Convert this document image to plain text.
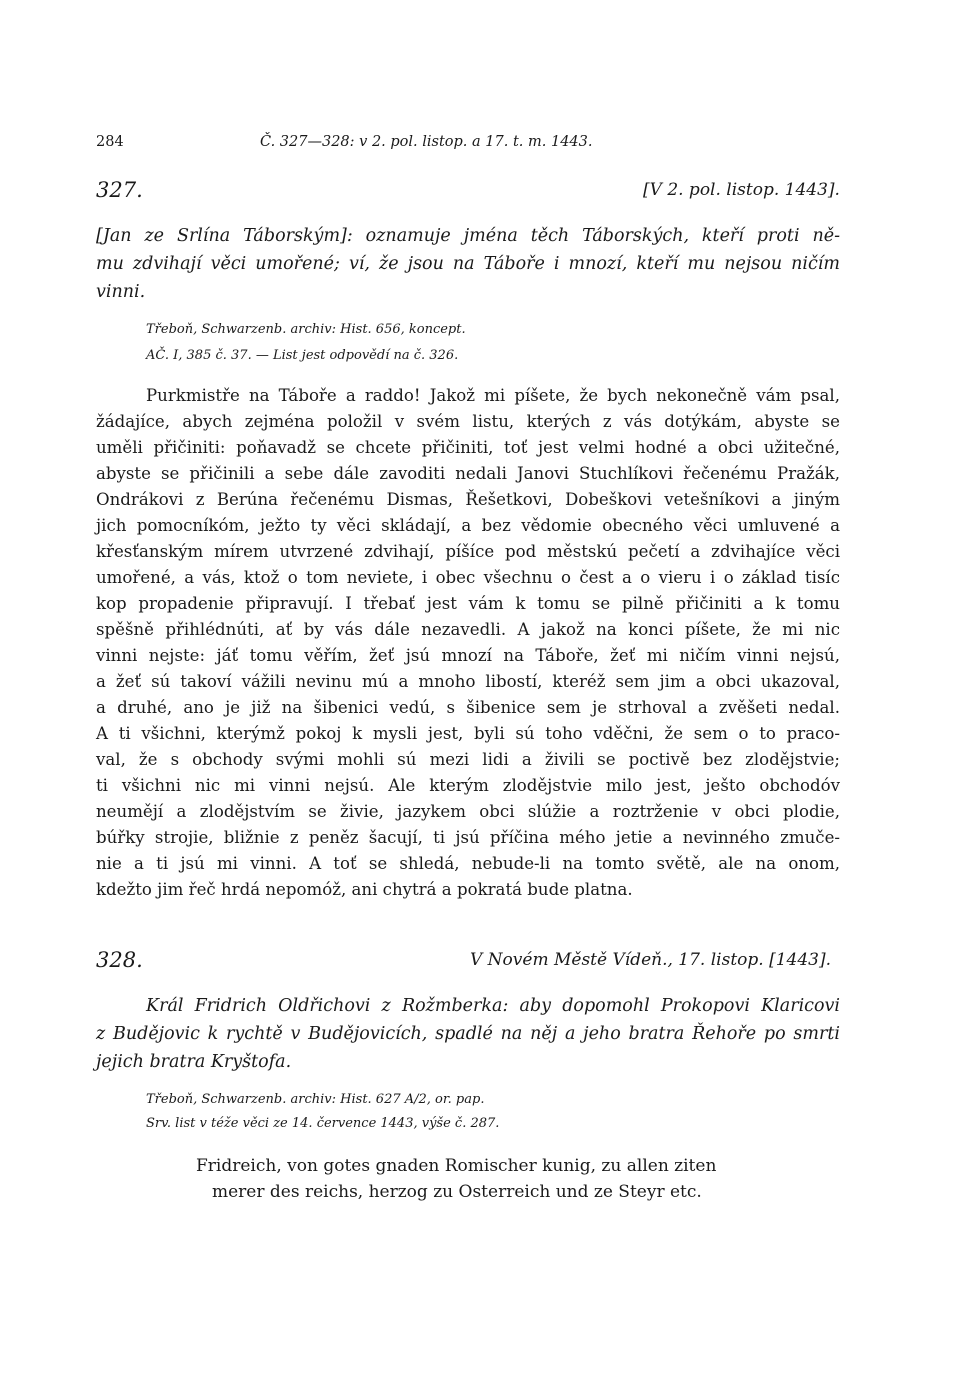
284	Č. 327—328: v 2. pol. listop. a 17. t. m. 1443.
327.	[V 2. pol. listop. 1443].
[Jan ze Srlína Táborským]: oznamuje jména těch Táborských, kteří proti ně-
mu zdvihají věci umořené; ví, že jsou na Táboře i mnozí, kteří mu nejsou ničím
vinni.
Třeboň, Schwarzenb. archiv: Hist. 656, koncept.
AČ. I, 385 č. 37. — List jest odpovědí na č. 326.
Purkmistře na Táboře a raddo! Jakož mi píšete, že bych nekonečně vám psal,
žádajíce, abych zejména položil v svém listu, kterých z vás dotýkám, abyste se
uměli přičiniti: poňavadž se chcete přičiniti, toť jest velmi hodné a obci užitečné,
abyste se přičinili a sebe dále zavoditi nedali Janovi Stuchlíkovi řečenému Pražák,
Ondrákovi z Berúna řečenému Dismas, Řešetkovi, Dobeškovi vetešníkovi a jiným
jich pomocníkóm, ježto ty věci skládají, a bez vědomie obecného věci umluvené a
křesťanským mírem utvrzené zdvihají, píšíce pod městskú pečetí a zdvihajíce věci
umořené, a vás, ktož o tom neviete, i obec všechnu o čest a o vieru i o základ tisíc
kop propadenie připravují. I třebať jest vám k tomu se pilně přičiniti a k tomu
spěšně přihlédnúti, ať by vás dále nezavedli. A jakož na konci píšete, že mi nic
vinni nejste: jáť tomu věřím, žeť jsú mnozí na Táboře, žeť mi ničím vinni nejsú,
a žeť sú takoví vážili nevinu mú a mnoho libostí, kteréž sem jim a obci ukazoval,
a druhé, ano je již na šibenici vedú, s šibenice sem je strhoval a zvěšeti nedal.
A ti všichni, kterýmž pokoj k mysli jest, byli sú toho vděčni, že sem o to praco-
val, že s obchody svými mohli sú mezi lidi a živili se poctivě bez zlodějstvie;
ti všichni nic mi vinni nejsú. Ale kterým zlodějstvie milo jest, ješto obchodóv
neumějí a zlodějstvím se živie, jazykem obci slúžie a roztrženie v obci plodie,
búřky strojie, bližnie z peněz šacují, ti jsú příčina mého jetie a nevinného zmuče-
nie a ti jsú mi vinni. A toť se shledá, nebude-li na tomto světě, ale na onom,
kdežto jim řeč hrdá nepomóž, ani chytrá a pokratá bude platna.
328.	V Novém Městě Vídeň., 17. listop. [1443].
Král Fridrich Oldřichovi z Rožmberka: aby dopomohl Prokopovi Klaricovi
z Budějovic k rychtě v Budějovicích, spadlé na něj a jeho bratra Řehoře po smrti
jejich bratra Kryštofa.
Třeboň, Schwarzenb. archiv: Hist. 627 A/2, or. pap.
Srv. list v téže věci ze 14. července 1443, výše č. 287.
Fridreich, von gotes gnaden Romischer kunig, zu allen ziten
merer des reichs, herzog zu Osterreich und ze Steyr etc.
